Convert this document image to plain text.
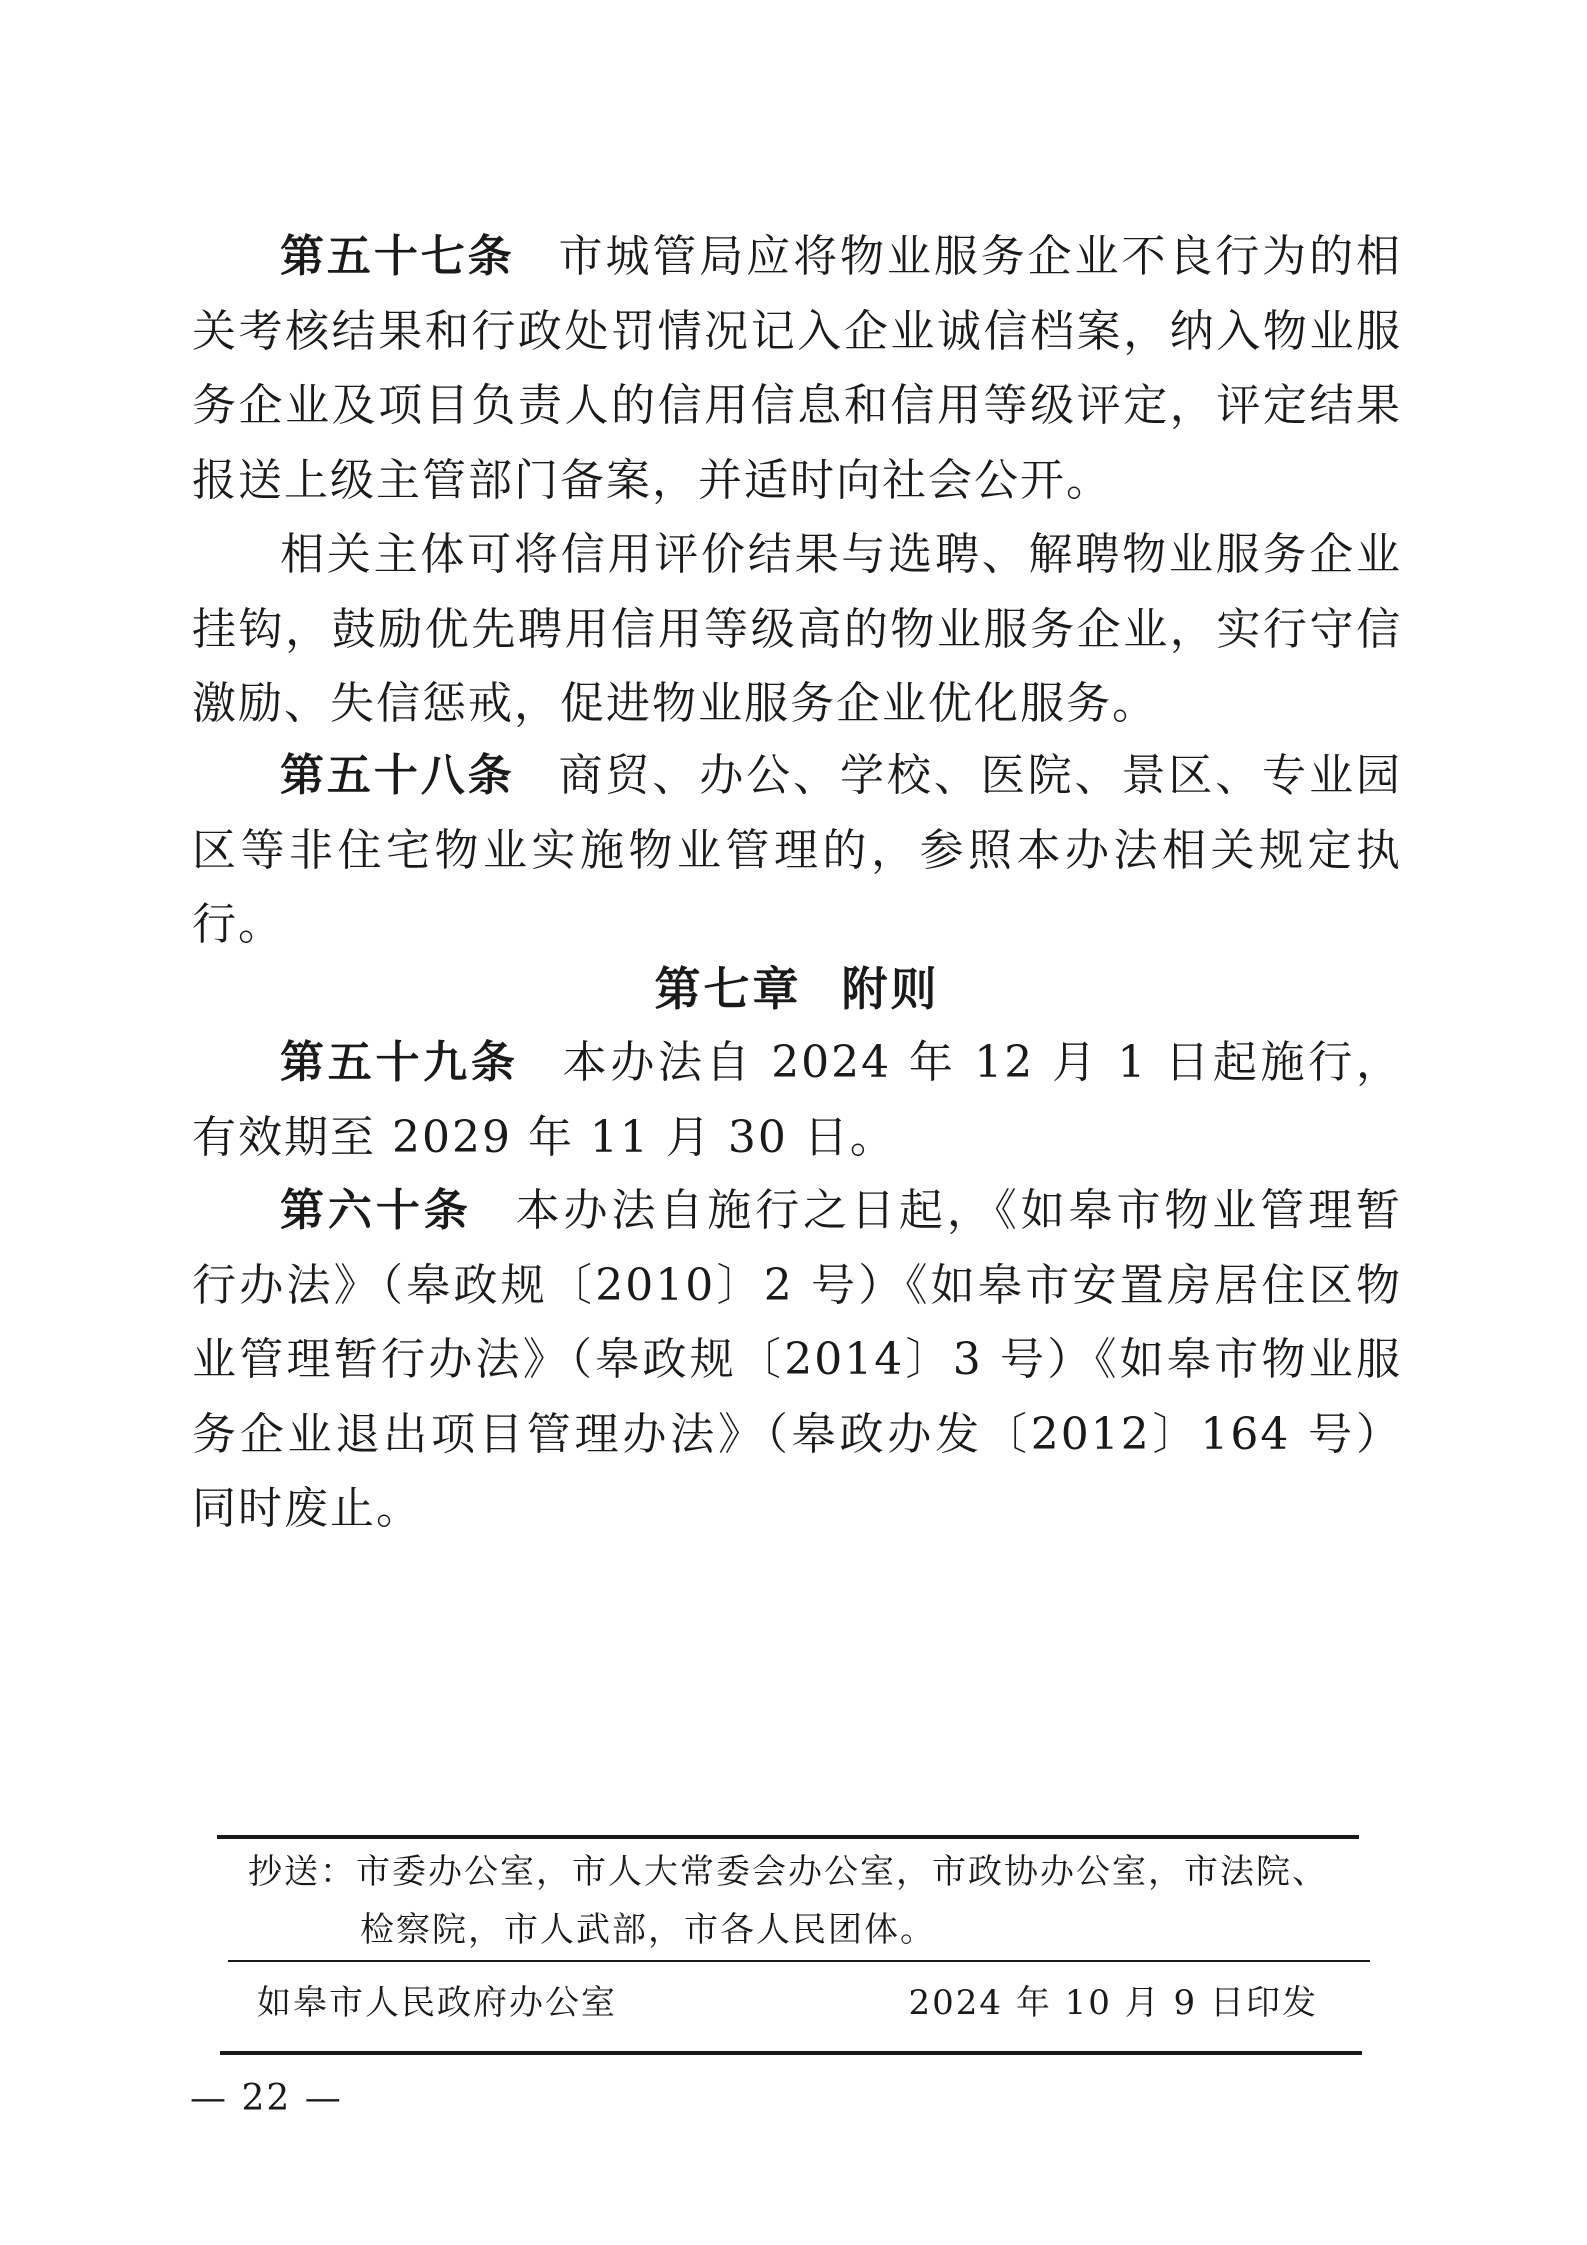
第五十七条 市城管局应将物业服务企业不良行为的相关考核结果和行政处罚情况记入企业诚信档案，纳入物业服务企业及项目负责人的信用信息和信用等级评定，评定结果报送上级主管部门备案，并适时向社会公开。

相关主体可将信用评价结果与选聘、解聘物业服务企业挂钩，鼓励优先聘用信用等级高的物业服务企业，实行守信激励、失信惩戒，促进物业服务企业优化服务。

第五十八条 商贸、办公、学校、医院、景区、专业园区等非住宅物业实施物业管理的，参照本办法相关规定执行。

第七章 附则

第五十九条 本办法自 2024 年 12 月 1 日起施行，有效期至 2029 年 11 月 30 日。

第六十条 本办法自施行之日起，《如皋市物业管理暂行办法》（皋政规〔2010〕2 号）《如皋市安置房居住区物业管理暂行办法》（皋政规〔2014〕3 号）《如皋市物业服务企业退出项目管理办法》（皋政办发〔2012〕164 号）同时废止。

抄送：市委办公室，市人大常委会办公室，市政协办公室，市法院、
检察院，市人武部，市各人民团体。

如皋市人民政府办公室	2024 年 10 月 9 日印发

— 22 —
